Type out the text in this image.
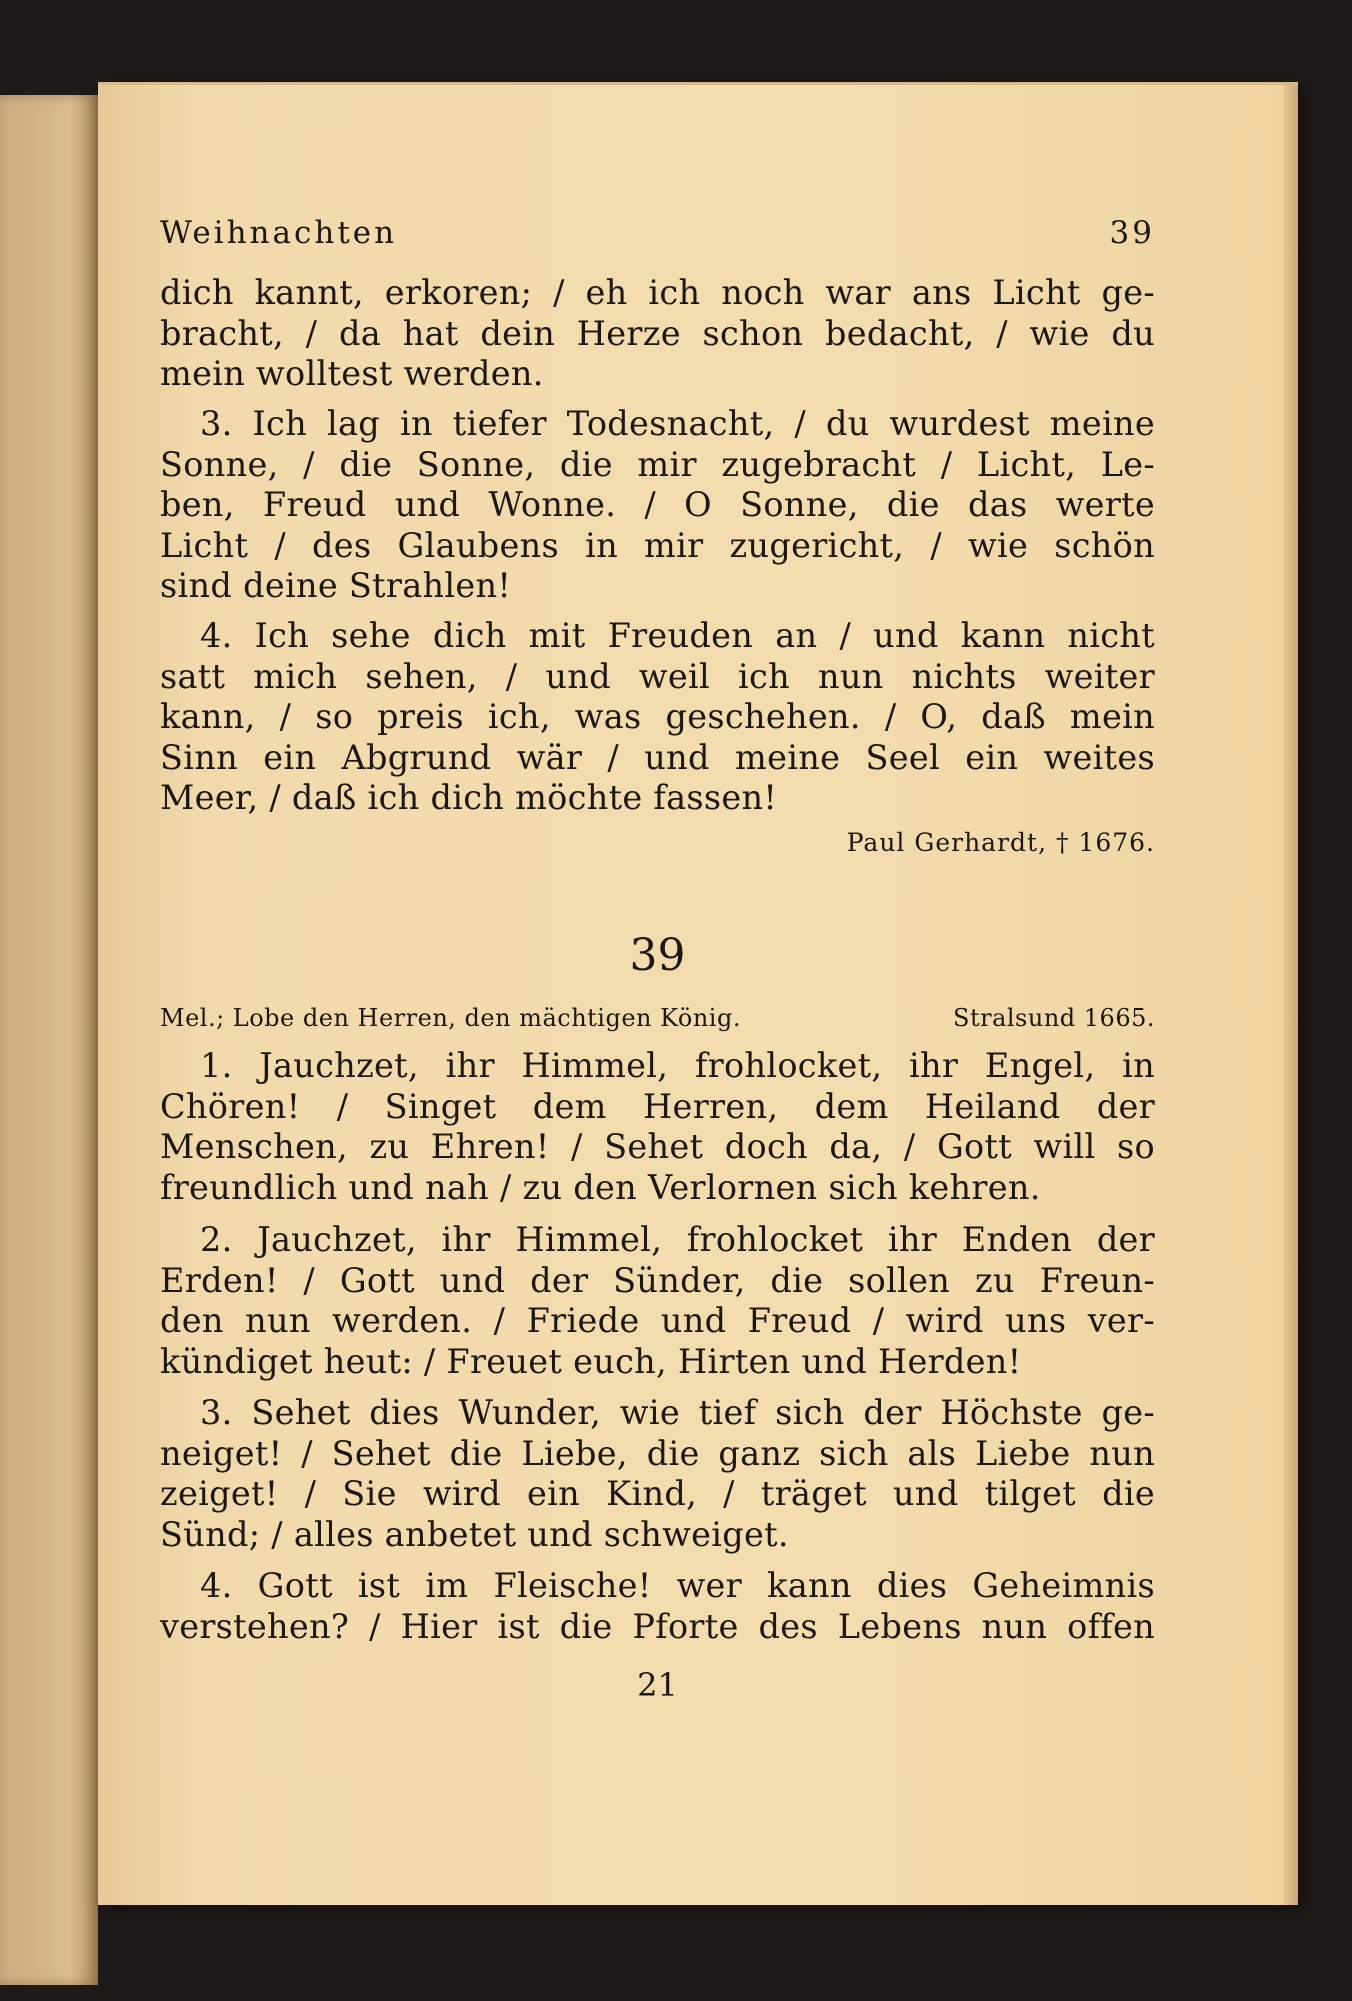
Weihnachten	39
dich kannt, erkoren; / eh ich noch war ans Licht ge-
bracht, / da hat dein Herze schon bedacht, / wie du
mein wolltest werden.
3. Ich lag in tiefer Todesnacht, / du wurdest meine
Sonne, / die Sonne, die mir zugebracht / Licht, Le-
ben, Freud und Wonne. / O Sonne, die das werte
Licht / des Glaubens in mir zugericht, / wie schön
sind deine Strahlen!
4. Ich sehe dich mit Freuden an / und kann nicht
satt mich sehen, / und weil ich nun nichts weiter
kann, / so preis ich, was geschehen. / O, daß mein
Sinn ein Abgrund wär / und meine Seel ein weites
Meer, / daß ich dich möchte fassen!
Paul Gerhardt, † 1676.
39
Mel.; Lobe den Herren, den mächtigen König.	Stralsund 1665.
1. Jauchzet, ihr Himmel, frohlocket, ihr Engel, in
Chören! / Singet dem Herren, dem Heiland der
Menschen, zu Ehren! / Sehet doch da, / Gott will so
freundlich und nah / zu den Verlornen sich kehren.
2. Jauchzet, ihr Himmel, frohlocket ihr Enden der
Erden! / Gott und der Sünder, die sollen zu Freun-
den nun werden. / Friede und Freud / wird uns ver-
kündiget heut: / Freuet euch, Hirten und Herden!
3. Sehet dies Wunder, wie tief sich der Höchste ge-
neiget! / Sehet die Liebe, die ganz sich als Liebe nun
zeiget! / Sie wird ein Kind, / träget und tilget die
Sünd; / alles anbetet und schweiget.
4. Gott ist im Fleische! wer kann dies Geheimnis
verstehen? / Hier ist die Pforte des Lebens nun offen
21
